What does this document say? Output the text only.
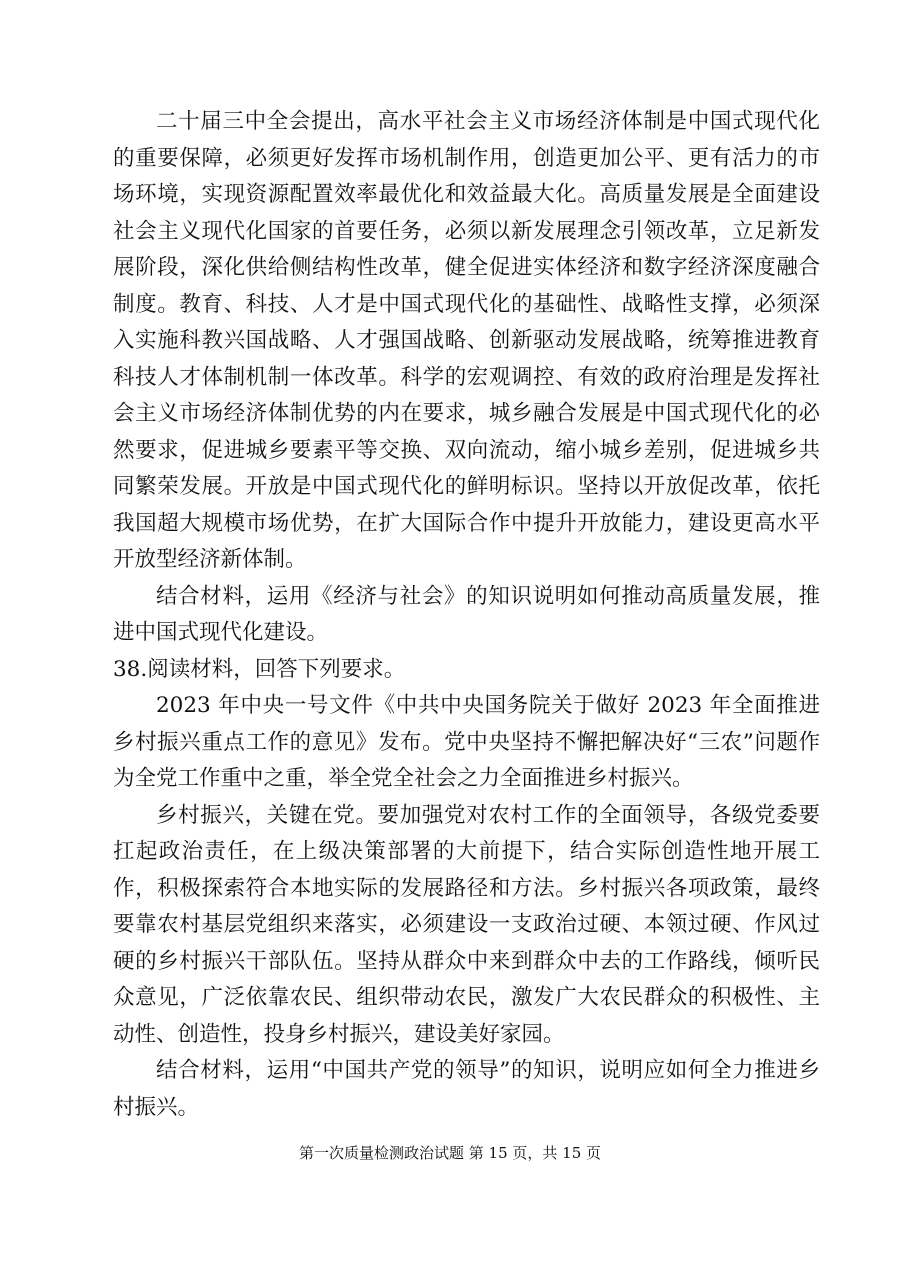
二十届三中全会提出，高水平社会主义市场经济体制是中国式现代化的重要保障，必须更好发挥市场机制作用，创造更加公平、更有活力的市场环境，实现资源配置效率最优化和效益最大化。高质量发展是全面建设社会主义现代化国家的首要任务，必须以新发展理念引领改革，立足新发展阶段，深化供给侧结构性改革，健全促进实体经济和数字经济深度融合制度。教育、科技、人才是中国式现代化的基础性、战略性支撑，必须深入实施科教兴国战略、人才强国战略、创新驱动发展战略，统筹推进教育科技人才体制机制一体改革。科学的宏观调控、有效的政府治理是发挥社会主义市场经济体制优势的内在要求，城乡融合发展是中国式现代化的必然要求，促进城乡要素平等交换、双向流动，缩小城乡差别，促进城乡共同繁荣发展。开放是中国式现代化的鲜明标识。坚持以开放促改革，依托我国超大规模市场优势，在扩大国际合作中提升开放能力，建设更高水平开放型经济新体制。

结合材料，运用《经济与社会》的知识说明如何推动高质量发展，推进中国式现代化建设。

38.阅读材料，回答下列要求。

2023 年中央一号文件《中共中央国务院关于做好 2023 年全面推进乡村振兴重点工作的意见》发布。党中央坚持不懈把解决好“三农”问题作为全党工作重中之重，举全党全社会之力全面推进乡村振兴。

乡村振兴，关键在党。要加强党对农村工作的全面领导，各级党委要扛起政治责任，在上级决策部署的大前提下，结合实际创造性地开展工作，积极探索符合本地实际的发展路径和方法。乡村振兴各项政策，最终要靠农村基层党组织来落实，必须建设一支政治过硬、本领过硬、作风过硬的乡村振兴干部队伍。坚持从群众中来到群众中去的工作路线，倾听民众意见，广泛依靠农民、组织带动农民，激发广大农民群众的积极性、主动性、创造性，投身乡村振兴，建设美好家园。

结合材料，运用“中国共产党的领导”的知识，说明应如何全力推进乡村振兴。

第一次质量检测政治试题 第 15 页，共 15 页
